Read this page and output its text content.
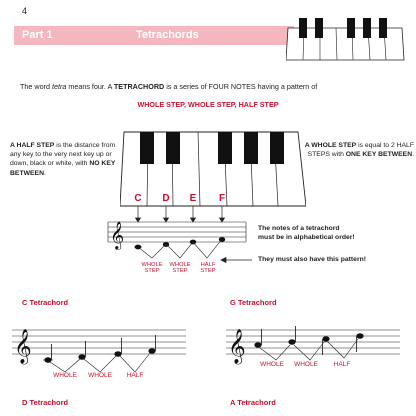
4
Part 1	Tetrachords
The word tetra means four. A TETRACHORD is a series of FOUR NOTES having a pattern of
WHOLE STEP, WHOLE STEP, HALF STEP
A HALF STEP is the distance from any key to the very next key up or down, black or white, with NO KEY BETWEEN.
A WHOLE STEP is equal to 2 HALF STEPS with ONE KEY BETWEEN.
C D E F
𝄞
WHOLE
STEP
WHOLE
STEP
HALF
STEP
The notes of a tetrachord
must be in alphabetical order!
They must also have this pattern!
C Tetrachord	G Tetrachord
D Tetrachord	A Tetrachord
𝄞
WHOLE WHOLE HALF
𝄞
WHOLE WHOLE HALF
